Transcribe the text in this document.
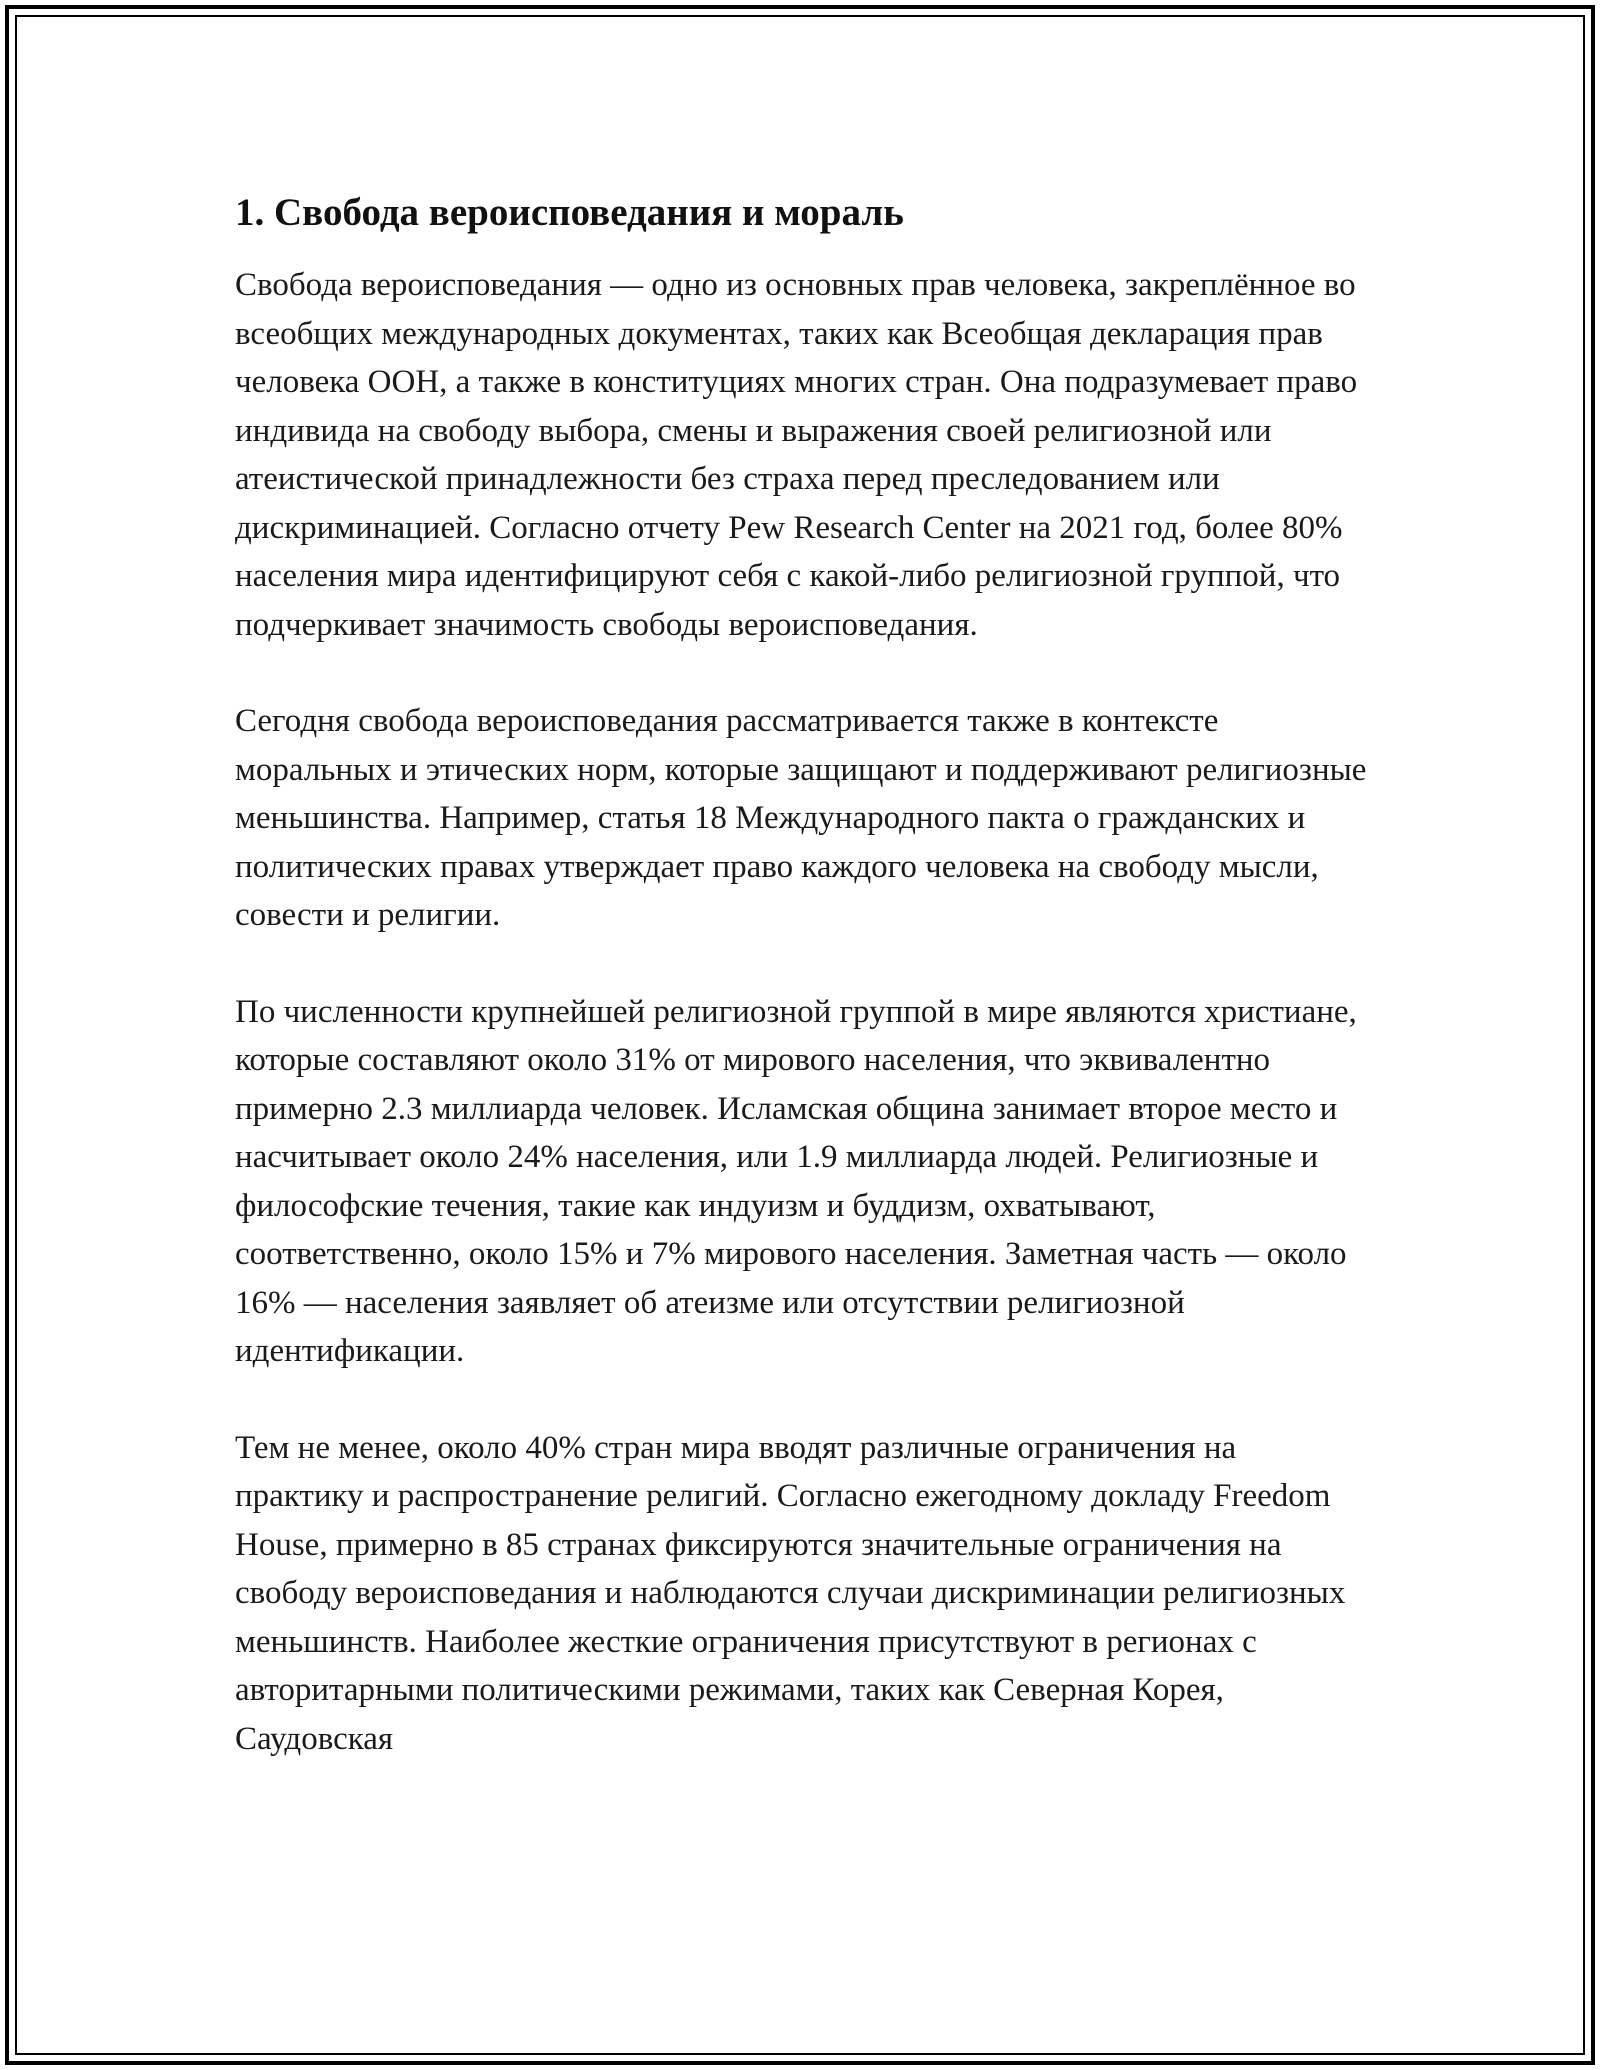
1. Свобода вероисповедания и мораль

Свобода вероисповедания — одно из основных прав человека, закреплённое во всеобщих международных документах, таких как Всеобщая декларация прав человека ООН, а также в конституциях многих стран. Она подразумевает право индивида на свободу выбора, смены и выражения своей религиозной или атеистической принадлежности без страха перед преследованием или дискриминацией. Согласно отчету Pew Research Center на 2021 год, более 80% населения мира идентифицируют себя с какой-либо религиозной группой, что подчеркивает значимость свободы вероисповедания.

Сегодня свобода вероисповедания рассматривается также в контексте моральных и этических норм, которые защищают и поддерживают религиозные меньшинства. Например, статья 18 Международного пакта о гражданских и политических правах утверждает право каждого человека на свободу мысли, совести и религии.

По численности крупнейшей религиозной группой в мире являются христиане, которые составляют около 31% от мирового населения, что эквивалентно примерно 2.3 миллиарда человек. Исламская община занимает второе место и насчитывает около 24% населения, или 1.9 миллиарда людей. Религиозные и философские течения, такие как индуизм и буддизм, охватывают, соответственно, около 15% и 7% мирового населения. Заметная часть — около 16% — населения заявляет об атеизме или отсутствии религиозной идентификации.

Тем не менее, около 40% стран мира вводят различные ограничения на практику и распространение религий. Согласно ежегодному докладу Freedom House, примерно в 85 странах фиксируются значительные ограничения на свободу вероисповедания и наблюдаются случаи дискриминации религиозных меньшинств. Наиболее жесткие ограничения присутствуют в регионах с авторитарными политическими режимами, таких как Северная Корея, Саудовская
